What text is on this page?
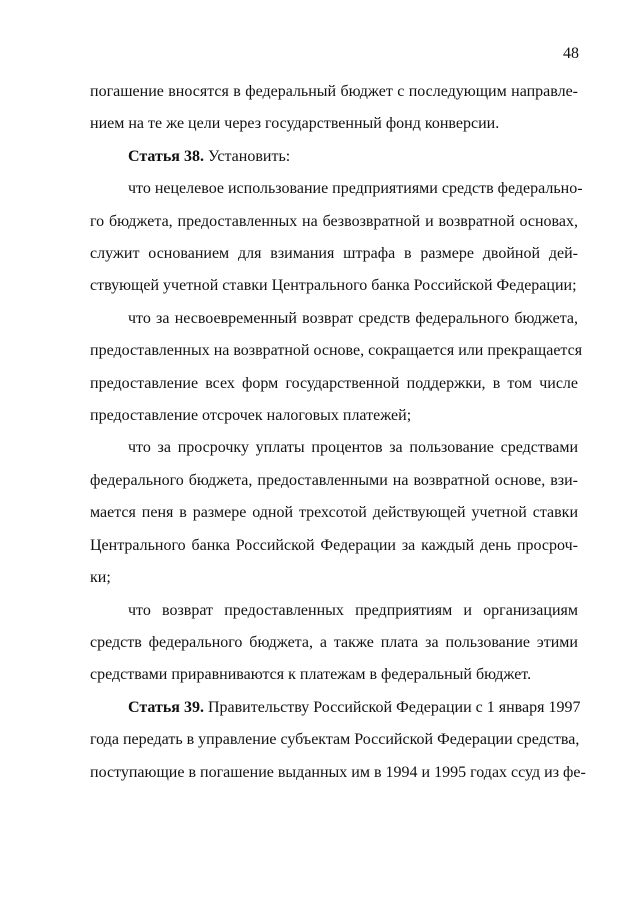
48
погашение вносятся в федеральный бюджет с последующим направле-
нием на те же цели через государственный фонд конверсии.
Статья 38. Установить:
что нецелевое использование предприятиями средств федерально-
го бюджета, предоставленных на безвозвратной и возвратной основах,
служит основанием для взимания штрафа в размере двойной дей-
ствующей учетной ставки Центрального банка Российской Федерации;
что за несвоевременный возврат средств федерального бюджета,
предоставленных на возвратной основе, сокращается или прекращается
предоставление всех форм государственной поддержки, в том числе
предоставление отсрочек налоговых платежей;
что за просрочку уплаты процентов за пользование средствами
федерального бюджета, предоставленными на возвратной основе, взи-
мается пеня в размере одной трехсотой действующей учетной ставки
Центрального банка Российской Федерации за каждый день просроч-
ки;
что возврат предоставленных предприятиям и организациям
средств федерального бюджета, а также плата за пользование этими
средствами приравниваются к платежам в федеральный бюджет.
Статья 39. Правительству Российской Федерации с 1 января 1997
года передать в управление субъектам Российской Федерации средства,
поступающие в погашение выданных им в 1994 и 1995 годах ссуд из фе-
